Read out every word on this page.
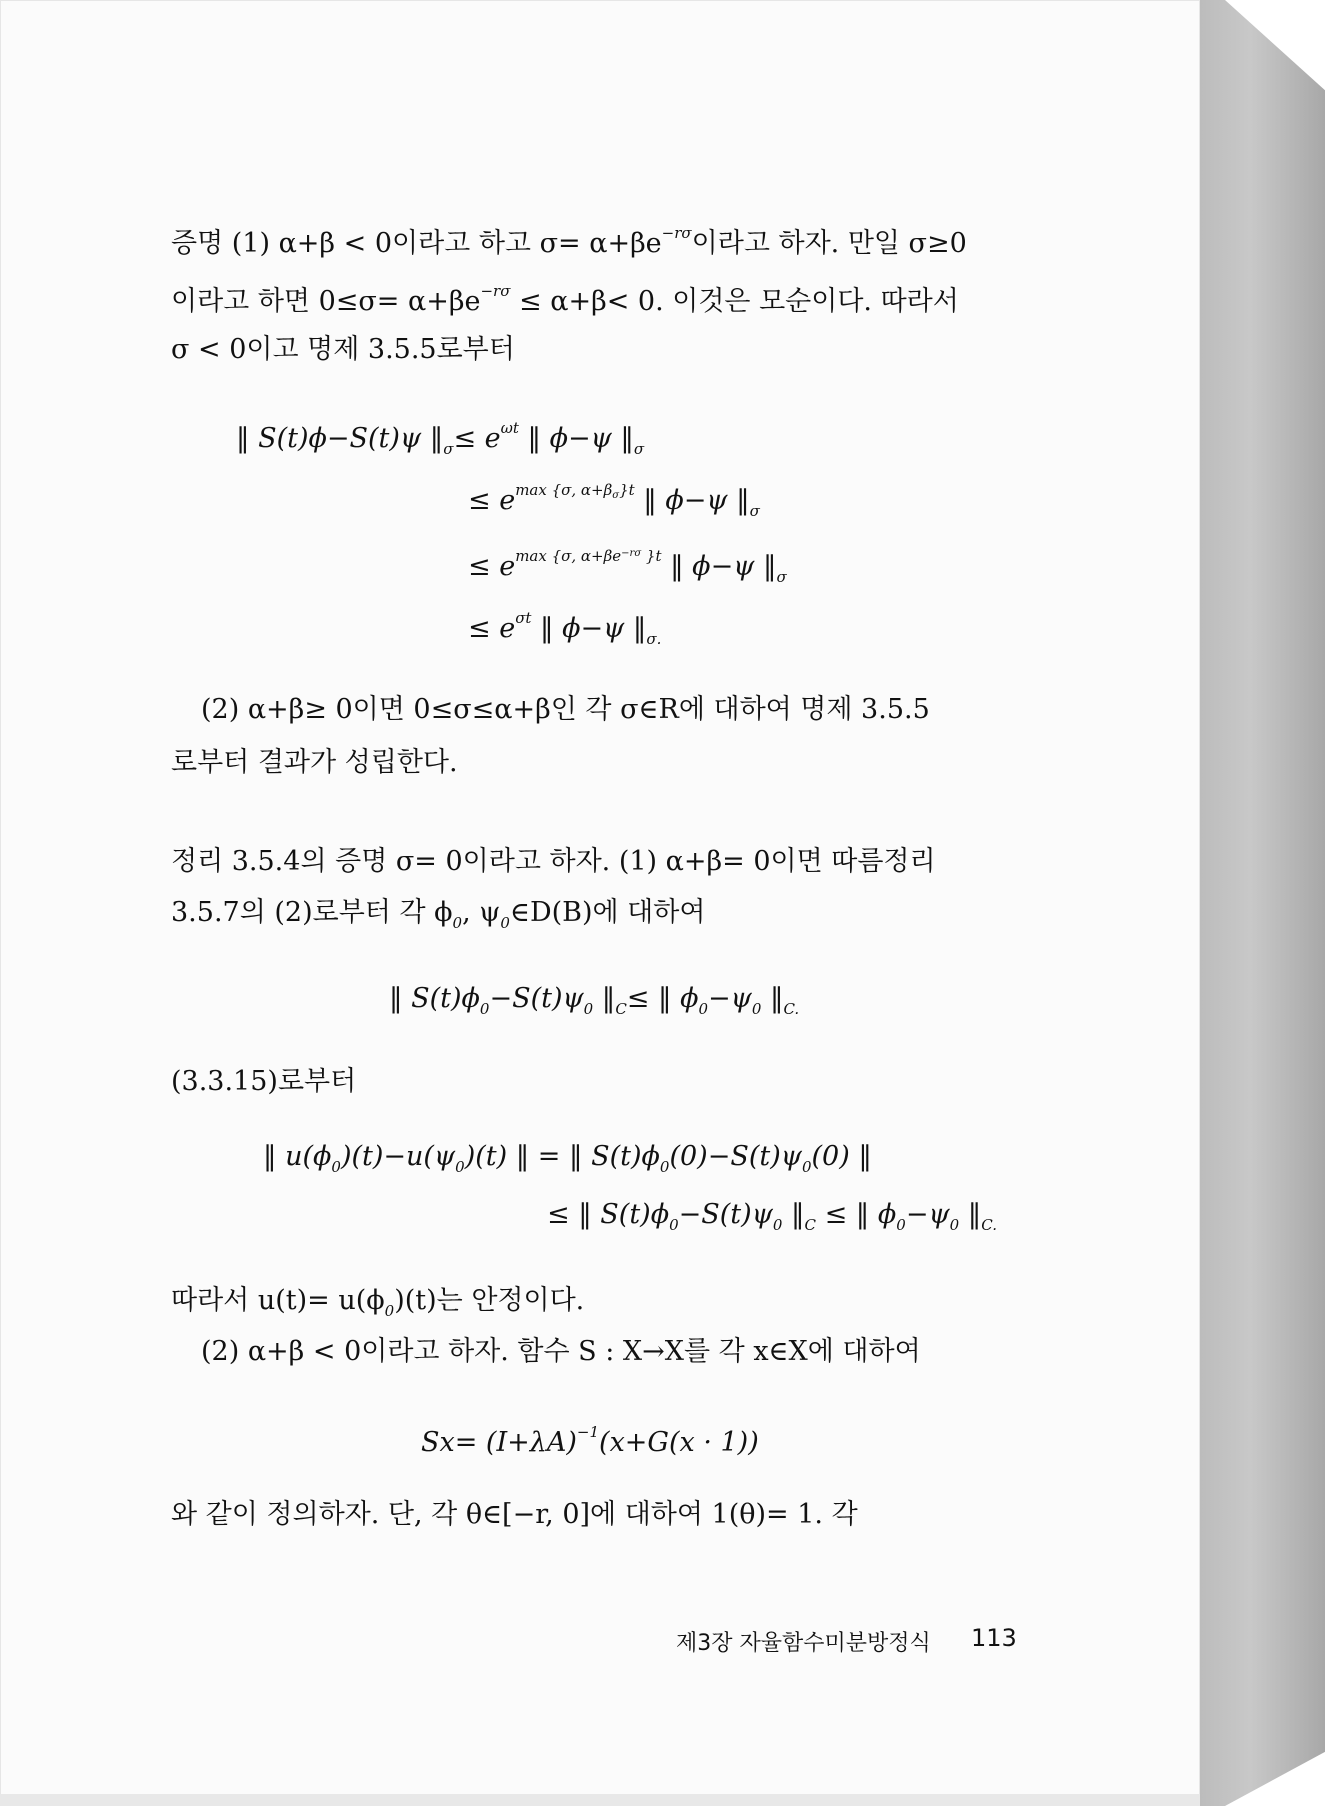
증명 (1) α+β < 0이라고 하고 $\sigma= \alpha+\beta e^{-r\sigma}$이라고 하자. 만일 σ≥0
이라고 하면 $0\le\sigma= \alpha+\beta e^{-r\sigma} \le \alpha+\beta< 0$. 이것은 모순이다. 따라서
σ < 0이고 명제 3.5.5로부터
‖ S(t)ϕ−S(t)ψ $‖_\sigma\le e^{\omega t}$ ‖ ϕ−ψ $‖_\sigma$
≤ $e^{max \{\sigma, \alpha+\beta_\sigma\}t}$ ‖ ϕ−ψ $‖_\sigma$
≤ $e^{max \{\sigma, \alpha+\beta e^{-r\sigma} \}t}$ ‖ ϕ−ψ $‖_\sigma$
≤ $e^{\sigma t}$ ‖ ϕ−ψ $‖_{\sigma.}$
(2) α+β≥ 0이면 0≤σ≤α+β인 각 σ∈R에 대하여 명제 3.5.5
로부터 결과가 성립한다.
정리 3.5.4의 증명 σ= 0이라고 하자. (1) α+β= 0이면 따름정리
3.5.7의 (2)로부터 각 $\phi_0$, $\psi_0\in D(B)$에 대하여
‖ $S(t)\phi_0-S(t)\psi_0$ $‖_C\le$ ‖ $\phi_0-\psi_0$ $‖_{C.}$
(3.3.15)로부터
‖ $u(\phi_0)(t)-u(\psi_0)(t)$ ‖ = ‖ $S(t)\phi_0(0)-S(t)\psi_0(0)$ ‖
≤ ‖ $S(t)\phi_0-S(t)\psi_0$ $‖_C$ ≤ ‖ $\phi_0-\psi_0$ $‖_{C.}$
따라서 $u(t)= u(\phi_0)(t)$는 안정이다.
(2) α+β < 0이라고 하자. 함수 S : X→X를 각 x∈X에 대하여
$Sx= (I+\lambda A)^{-1}(x+G(x \cdot 1))$
와 같이 정의하자. 단, 각 θ∈[−r, 0]에 대하여 1(θ)= 1. 각
제3장 자율함수미분방정식 113
